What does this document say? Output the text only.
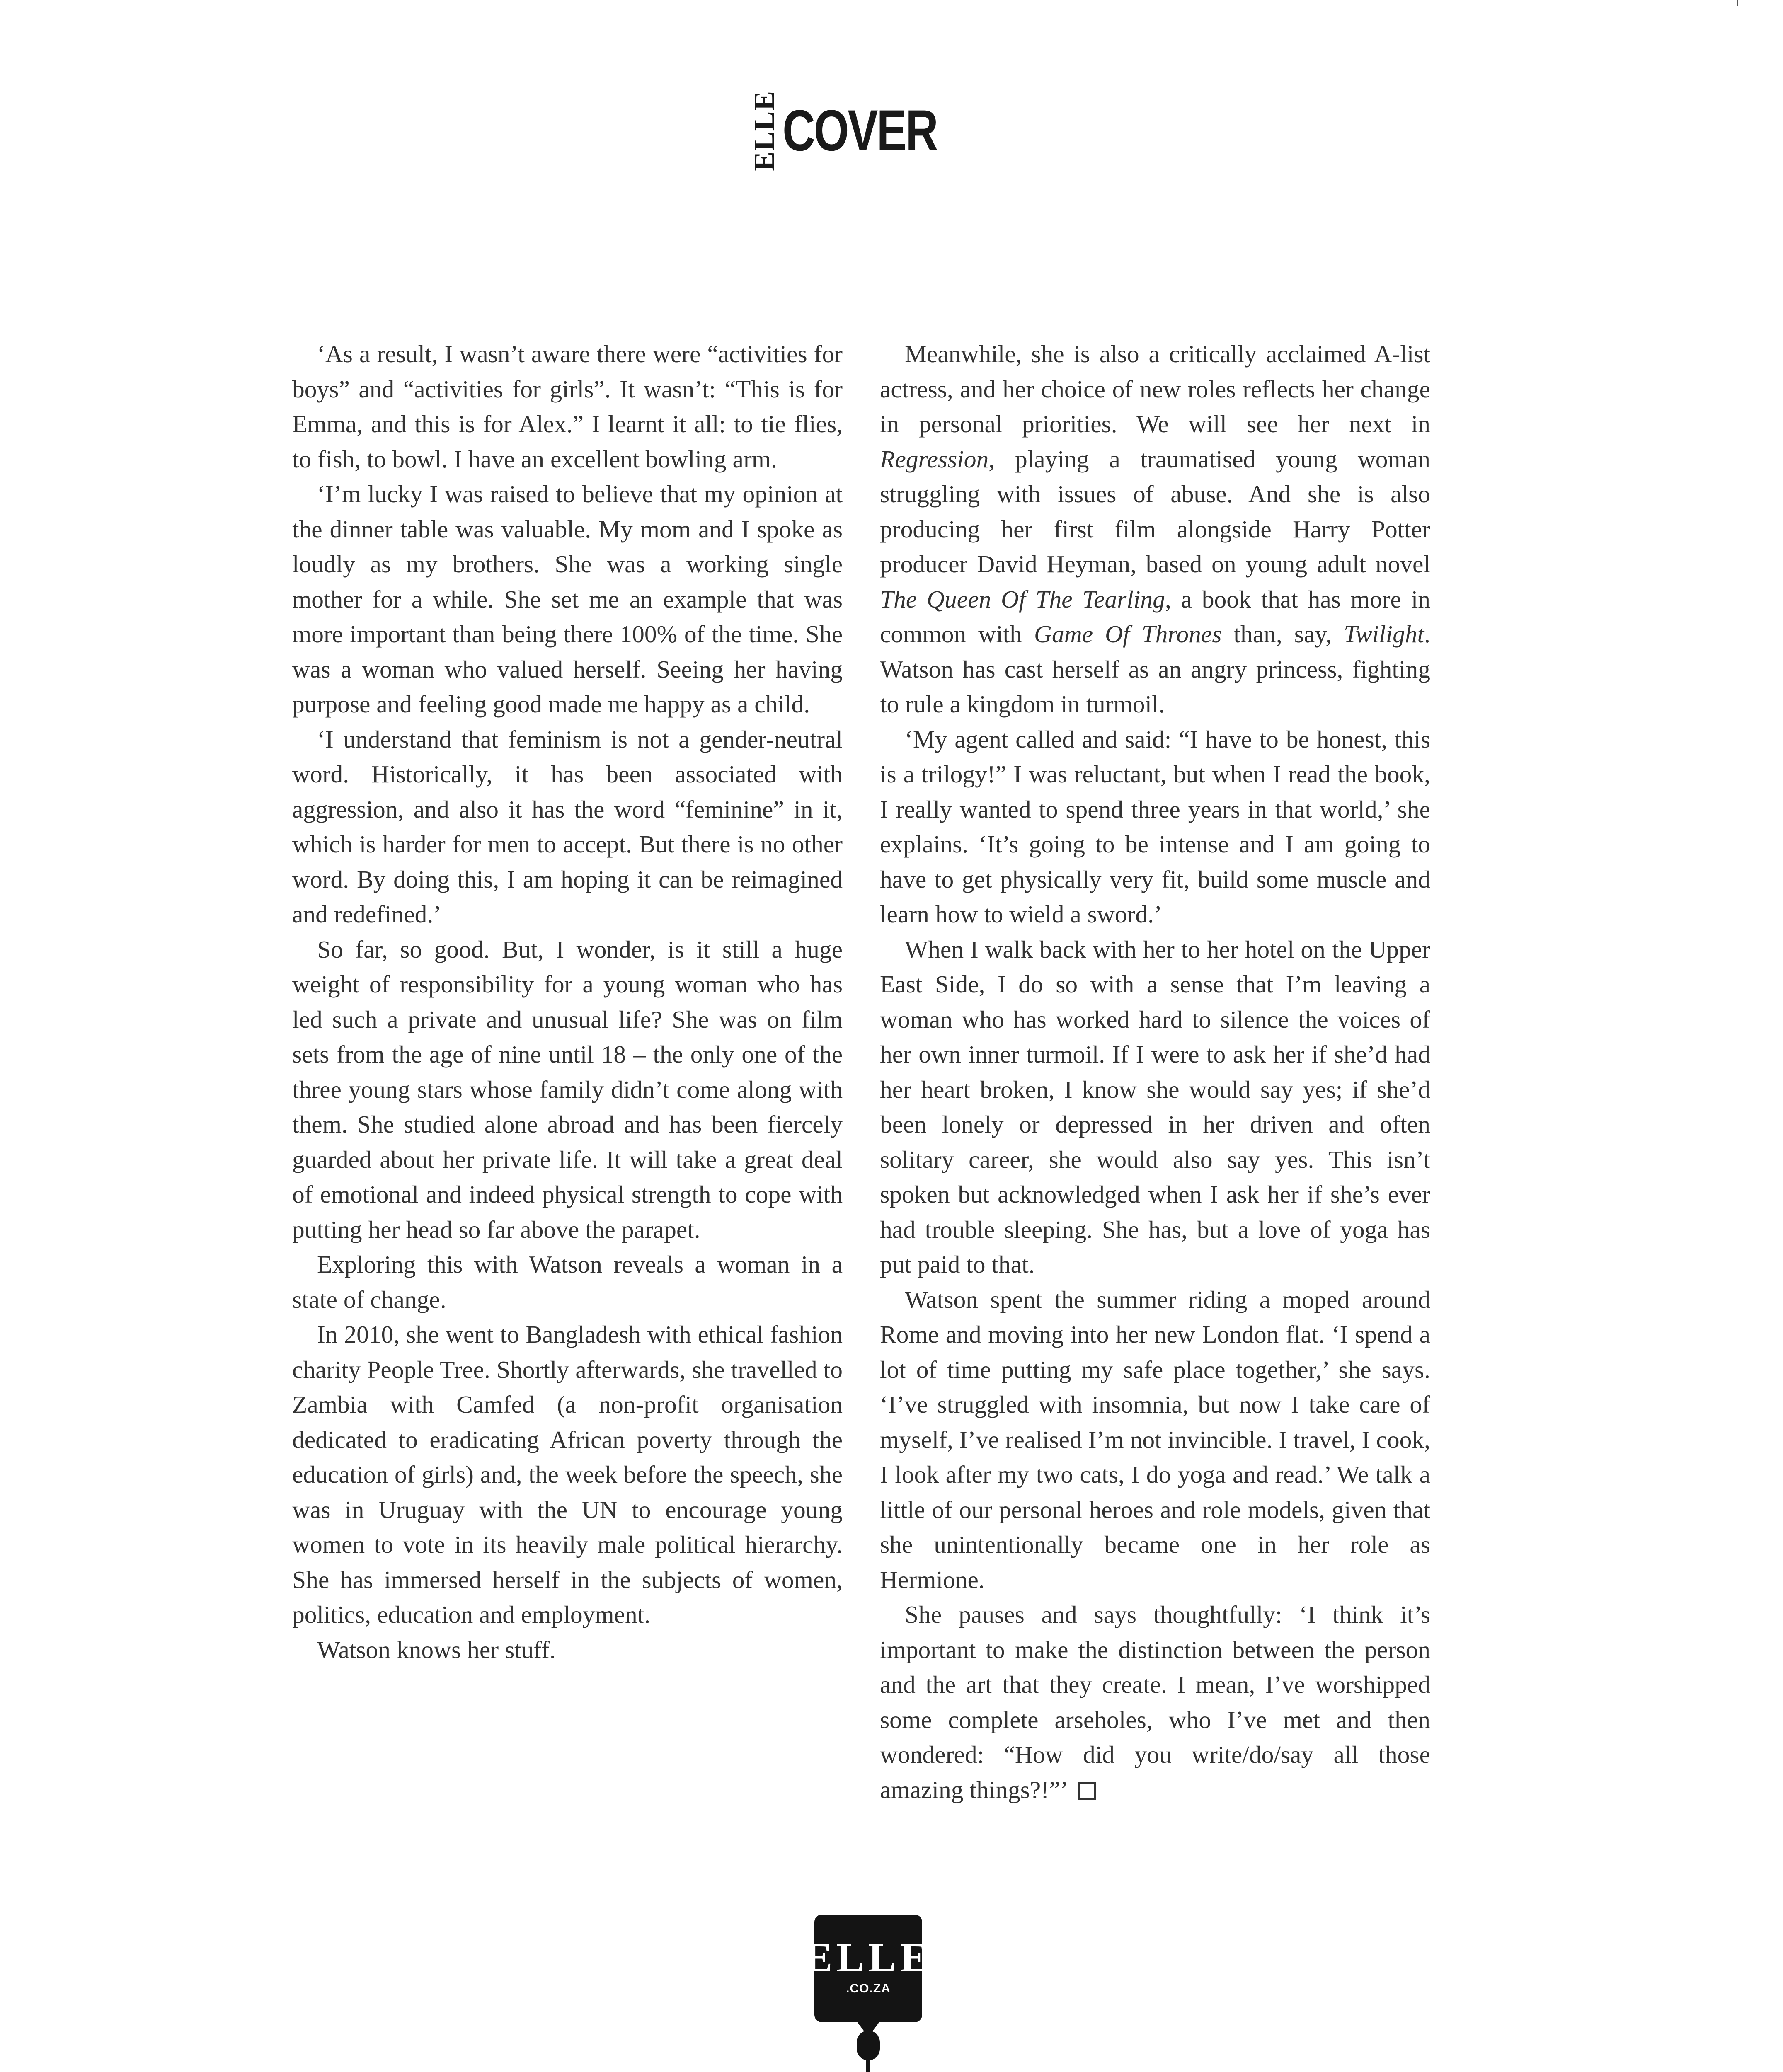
ELLE COVER

‘As a result, I wasn’t aware there were “activities for boys” and “activities for girls”. It wasn’t: “This is for Emma, and this is for Alex.” I learnt it all: to tie flies, to fish, to bowl. I have an excellent bowling arm.

‘I’m lucky I was raised to believe that my opinion at the dinner table was valuable. My mom and I spoke as loudly as my brothers. She was a working single mother for a while. She set me an example that was more important than being there 100% of the time. She was a woman who valued herself. Seeing her having purpose and feeling good made me happy as a child.

‘I understand that feminism is not a gender-neutral word. Historically, it has been associated with aggression, and also it has the word “feminine” in it, which is harder for men to accept. But there is no other word. By doing this, I am hoping it can be reimagined and redefined.’

So far, so good. But, I wonder, is it still a huge weight of responsibility for a young woman who has led such a private and unusual life? She was on film sets from the age of nine until 18 – the only one of the three young stars whose family didn’t come along with them. She studied alone abroad and has been fiercely guarded about her private life. It will take a great deal of emotional and indeed physical strength to cope with putting her head so far above the parapet.

Exploring this with Watson reveals a woman in a state of change.

In 2010, she went to Bangladesh with ethical fashion charity People Tree. Shortly afterwards, she travelled to Zambia with Camfed (a non-profit organisation dedicated to eradicating African poverty through the education of girls) and, the week before the speech, she was in Uruguay with the UN to encourage young women to vote in its heavily male political hierarchy. She has immersed herself in the subjects of women, politics, education and employment.

Watson knows her stuff.

Meanwhile, she is also a critically acclaimed A-list actress, and her choice of new roles reflects her change in personal priorities. We will see her next in Regression, playing a traumatised young woman struggling with issues of abuse. And she is also producing her first film alongside Harry Potter producer David Heyman, based on young adult novel The Queen Of The Tearling, a book that has more in common with Game Of Thrones than, say, Twilight. Watson has cast herself as an angry princess, fighting to rule a kingdom in turmoil.

‘My agent called and said: “I have to be honest, this is a trilogy!” I was reluctant, but when I read the book, I really wanted to spend three years in that world,’ she explains. ‘It’s going to be intense and I am going to have to get physically very fit, build some muscle and learn how to wield a sword.’

When I walk back with her to her hotel on the Upper East Side, I do so with a sense that I’m leaving a woman who has worked hard to silence the voices of her own inner turmoil. If I were to ask her if she’d had her heart broken, I know she would say yes; if she’d been lonely or depressed in her driven and often solitary career, she would also say yes. This isn’t spoken but acknowledged when I ask her if she’s ever had trouble sleeping. She has, but a love of yoga has put paid to that.

Watson spent the summer riding a moped around Rome and moving into her new London flat. ‘I spend a lot of time putting my safe place together,’ she says. ‘I’ve struggled with insomnia, but now I take care of myself, I’ve realised I’m not invincible. I travel, I cook, I look after my two cats, I do yoga and read.’ We talk a little of our personal heroes and role models, given that she unintentionally became one in her role as Hermione.

She pauses and says thoughtfully: ‘I think it’s important to make the distinction between the person and the art that they create. I mean, I’ve worshipped some complete arseholes, who I’ve met and then wondered: “How did you write/do/say all those amazing things?!”’

ELLE
.CO.ZA
